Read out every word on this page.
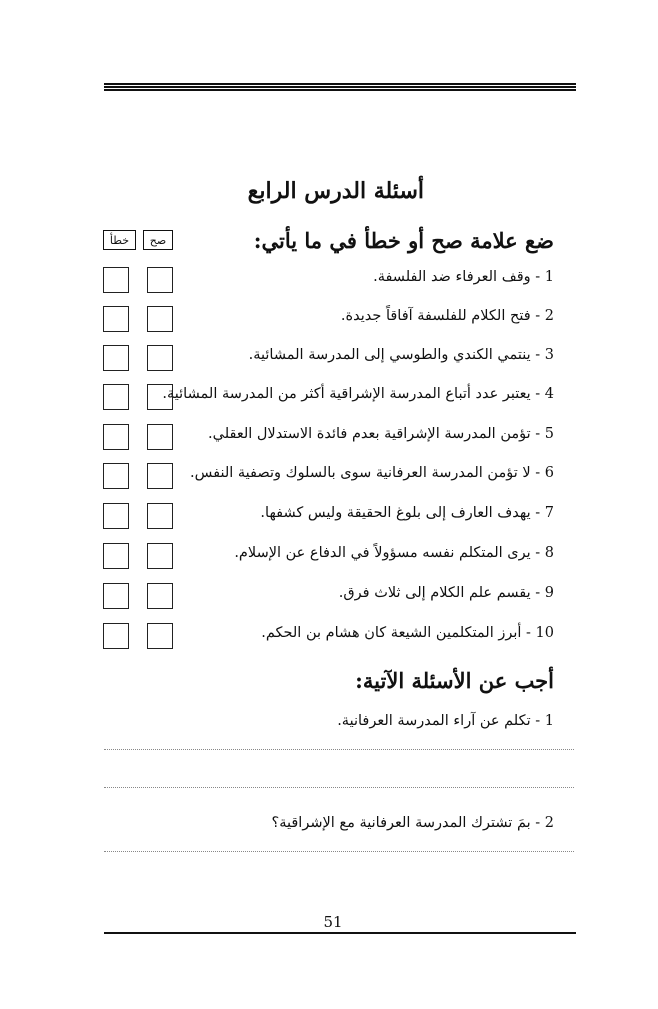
أسئلة الدرس الرابع
ضع علامة صح أو خطأ في ما يأتي:
خطأ	صح
1 - وقف العرفاء ضد الفلسفة.
2 - فتح الكلام للفلسفة آفاقاً جديدة.
3 - ينتمي الكندي والطوسي إلى المدرسة المشائية.
4 - يعتبر عدد أتباع المدرسة الإشراقية أكثر من المدرسة المشائية.
5 - تؤمن المدرسة الإشراقية بعدم فائدة الاستدلال العقلي.
6 - لا تؤمن المدرسة العرفانية سوى بالسلوك وتصفية النفس.
7 - يهدف العارف إلى بلوغ الحقيقة وليس كشفها.
8 - يرى المتكلم نفسه مسؤولاً في الدفاع عن الإسلام.
9 - يقسم علم الكلام إلى ثلاث فرق.
10 - أبرز المتكلمين الشيعة كان هشام بن الحكم.
أجب عن الأسئلة الآتية:
1 - تكلم عن آراء المدرسة العرفانية.
2 - بمَ تشترك المدرسة العرفانية مع الإشراقية؟
51
